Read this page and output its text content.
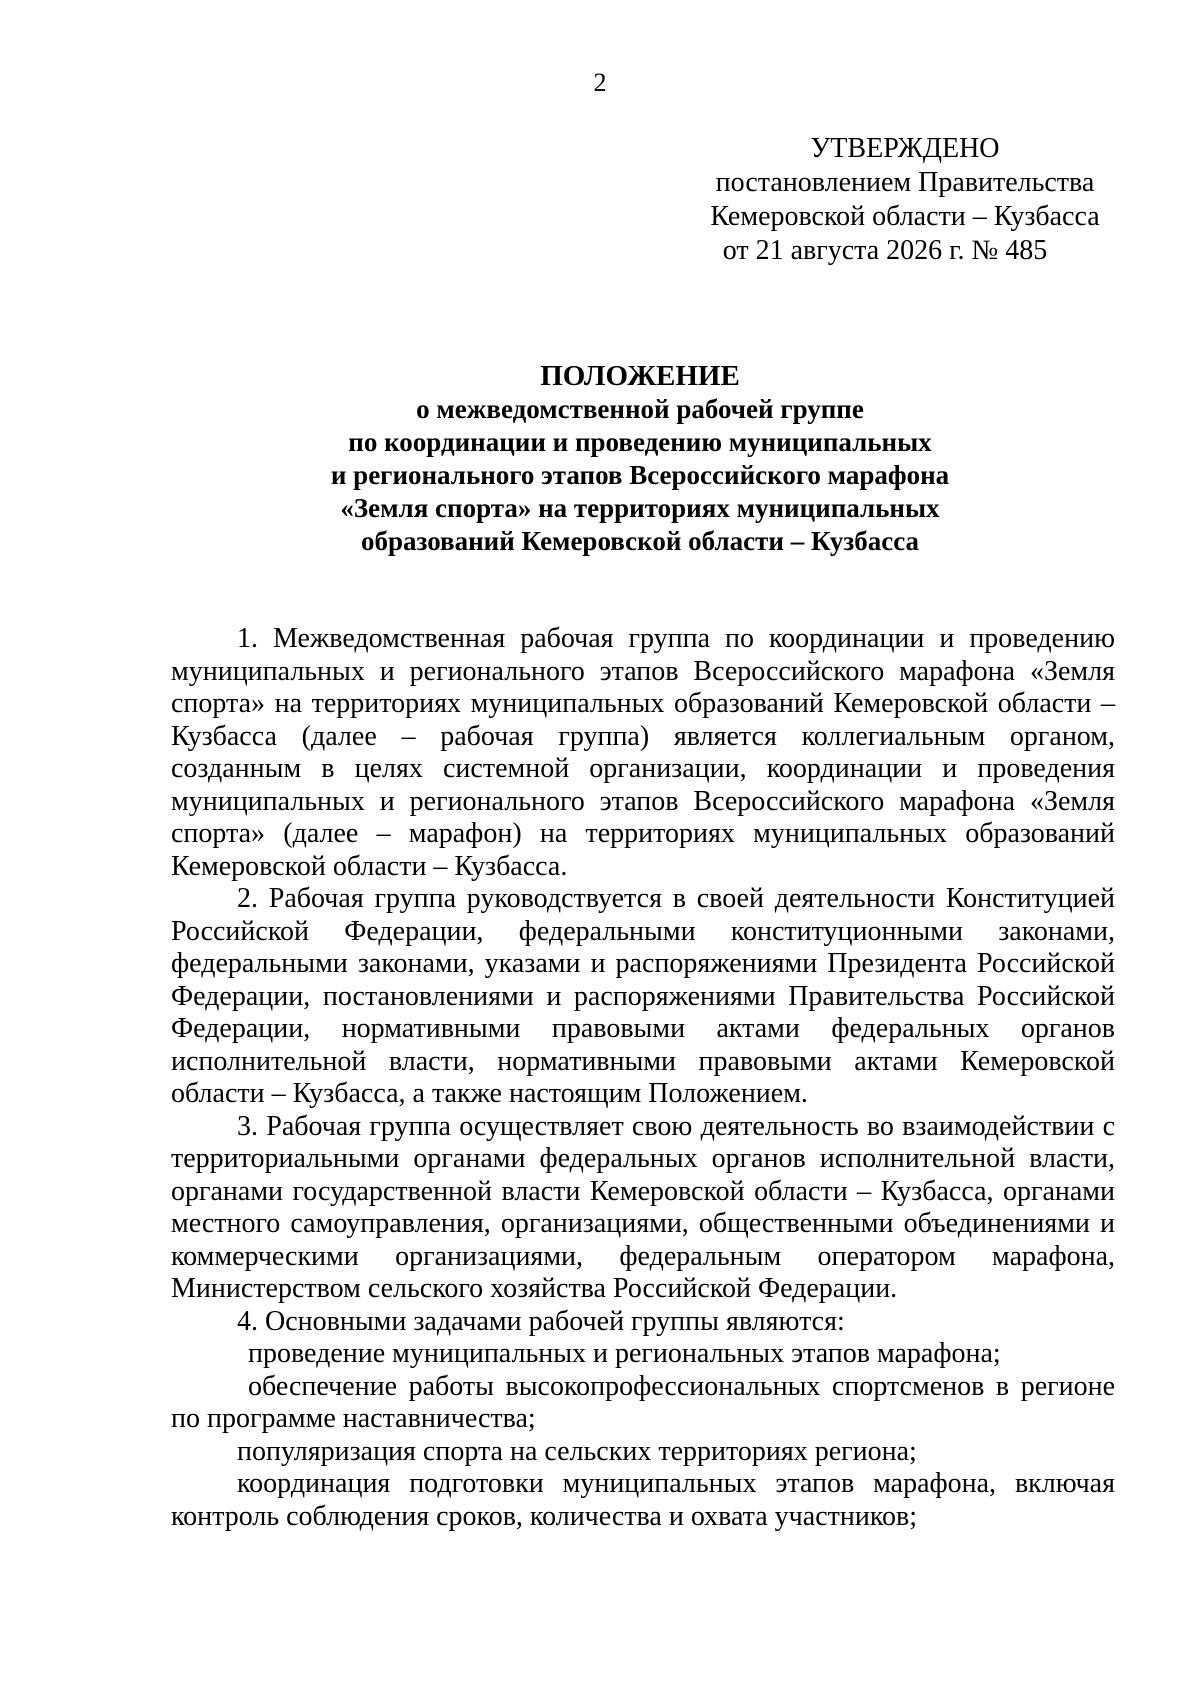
2
УТВЕРЖДЕНО
постановлением Правительства
Кемеровской области – Кузбасса
от 21 августа 2026 г. № 485
ПОЛОЖЕНИЕ
о межведомственной рабочей группе
по координации и проведению муниципальных
и регионального этапов Всероссийского марафона
«Земля спорта» на территориях муниципальных
образований Кемеровской области – Кузбасса

1. Межведомственная рабочая группа по координации и проведению муниципальных и регионального этапов Всероссийского марафона «Земля спорта» на территориях муниципальных образований Кемеровской области – Кузбасса (далее – рабочая группа) является коллегиальным органом, созданным в целях системной организации, координации и проведения муниципальных и регионального этапов Всероссийского марафона «Земля спорта» (далее – марафон) на территориях муниципальных образований Кемеровской области – Кузбасса.

2. Рабочая группа руководствуется в своей деятельности Конституцией Российской Федерации, федеральными конституционными законами, федеральными законами, указами и распоряжениями Президента Российской Федерации, постановлениями и распоряжениями Правительства Российской Федерации, нормативными правовыми актами федеральных органов исполнительной власти, нормативными правовыми актами Кемеровской области – Кузбасса, а также настоящим Положением.

3. Рабочая группа осуществляет свою деятельность во взаимодействии с территориальными органами федеральных органов исполнительной власти, органами государственной власти Кемеровской области – Кузбасса, органами местного самоуправления, организациями, общественными объединениями и коммерческими организациями, федеральным оператором марафона, Министерством сельского хозяйства Российской Федерации.

4. Основными задачами рабочей группы являются:

проведение муниципальных и региональных этапов марафона;

обеспечение работы высокопрофессиональных спортсменов в регионе по программе наставничества;

популяризация спорта на сельских территориях региона;

координация подготовки муниципальных этапов марафона, включая контроль соблюдения сроков, количества и охвата участников;
